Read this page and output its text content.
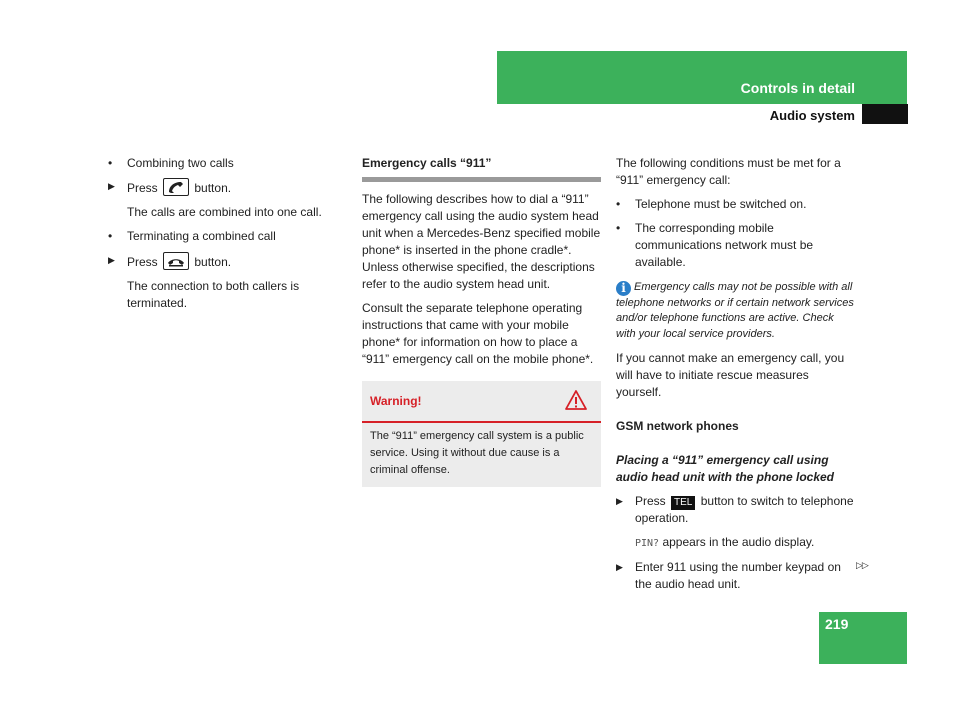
Controls in detail
Audio system

• Combining two calls

▶ Press	button.

The calls are combined into one call.

• Terminating a combined call

▶ Press	button.

The connection to both callers is terminated.

Emergency calls “911”

The following describes how to dial a “911” emergency call using the audio system head unit when a Mercedes-Benz specified mobile phone* is inserted in the phone cradle*. Unless otherwise specified, the descriptions refer to the audio system head unit.

Consult the separate telephone operating instructions that came with your mobile phone* for information on how to place a “911” emergency call on the mobile phone*.

Warning!

The “911” emergency call system is a public service. Using it without due cause is a criminal offense.

The following conditions must be met for a “911” emergency call:

• Telephone must be switched on.

• The corresponding mobile communications network must be available.

i Emergency calls may not be possible with all telephone networks or if certain network services and/or telephone functions are active. Check with your local service providers.

If you cannot make an emergency call, you will have to initiate rescue measures yourself.

GSM network phones

Placing a “911” emergency call using audio head unit with the phone locked

▶ Press TEL button to switch to telephone operation.

PIN? appears in the audio display.

▶ Enter 911 using the number keypad on the audio head unit.

▷▷
219
